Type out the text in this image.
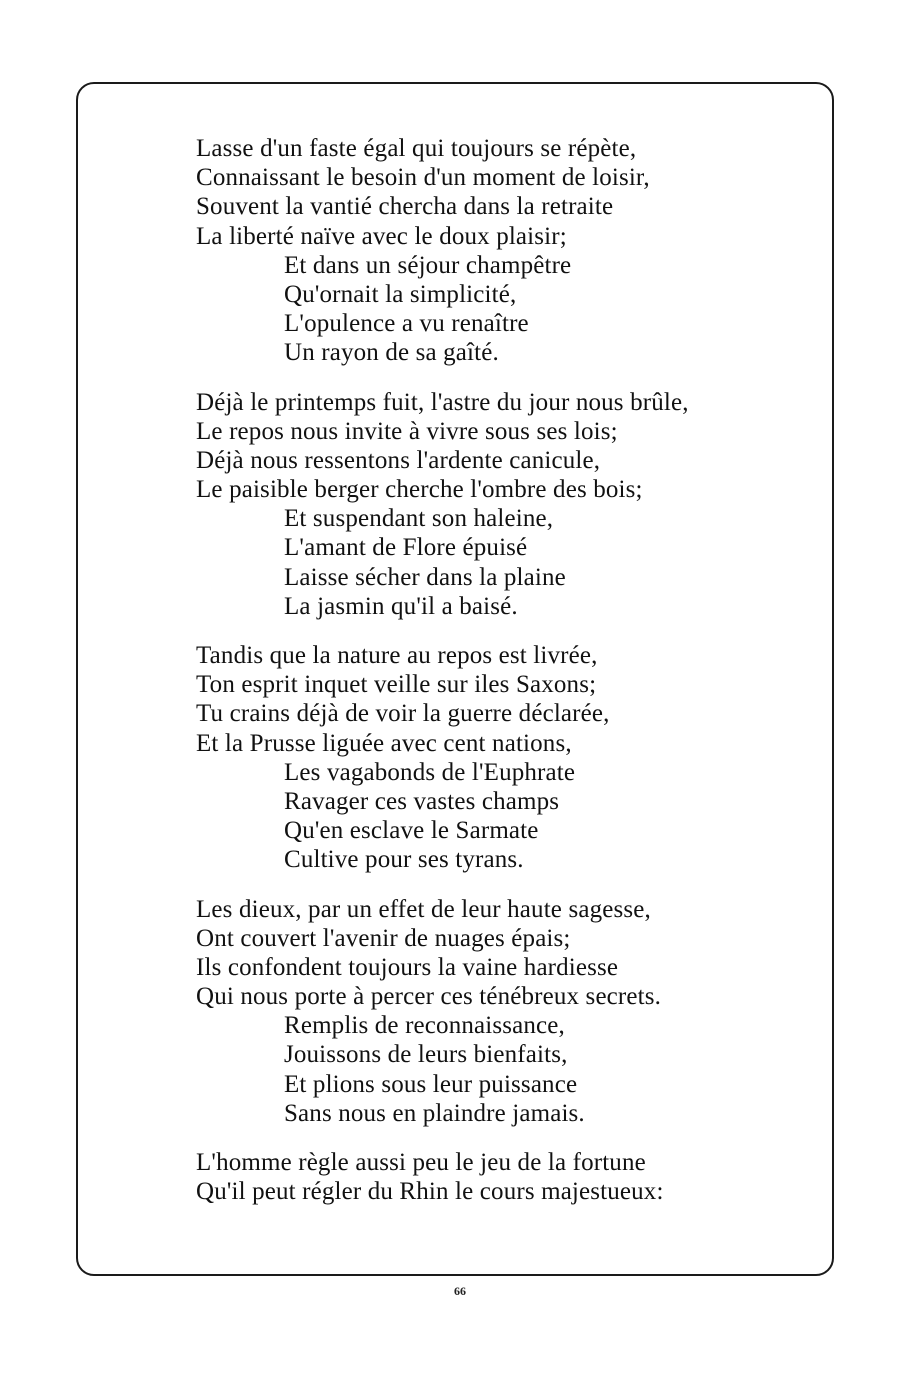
Lasse d'un faste égal qui toujours se répète,
Connaissant le besoin d'un moment de loisir,
Souvent la vantié chercha dans la retraite
La liberté naïve avec le doux plaisir;
Et dans un séjour champêtre
Qu'ornait la simplicité,
L'opulence a vu renaître
Un rayon de sa gaîté.
Déjà le printemps fuit, l'astre du jour nous brûle,
Le repos nous invite à vivre sous ses lois;
Déjà nous ressentons l'ardente canicule,
Le paisible berger cherche l'ombre des bois;
Et suspendant son haleine,
L'amant de Flore épuisé
Laisse sécher dans la plaine
La jasmin qu'il a baisé.
Tandis que la nature au repos est livrée,
Ton esprit inquet veille sur iles Saxons;
Tu crains déjà de voir la guerre déclarée,
Et la Prusse liguée avec cent nations,
Les vagabonds de l'Euphrate
Ravager ces vastes champs
Qu'en esclave le Sarmate
Cultive pour ses tyrans.
Les dieux, par un effet de leur haute sagesse,
Ont couvert l'avenir de nuages épais;
Ils confondent toujours la vaine hardiesse
Qui nous porte à percer ces ténébreux secrets.
Remplis de reconnaissance,
Jouissons de leurs bienfaits,
Et plions sous leur puissance
Sans nous en plaindre jamais.
L'homme règle aussi peu le jeu de la fortune
Qu'il peut régler du Rhin le cours majestueux:
66
